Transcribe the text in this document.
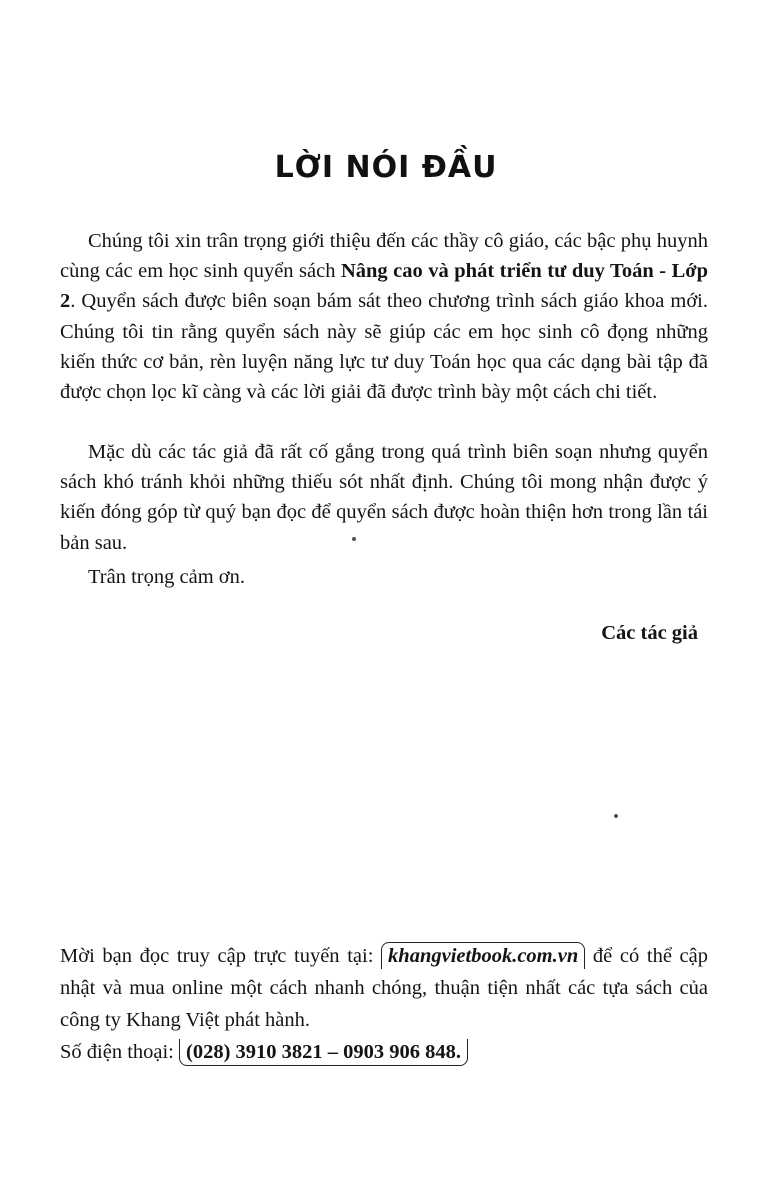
LỜI NÓI ĐẦU

Chúng tôi xin trân trọng giới thiệu đến các thầy cô giáo, các bậc phụ huynh cùng các em học sinh quyển sách Nâng cao và phát triển tư duy Toán - Lớp 2. Quyển sách được biên soạn bám sát theo chương trình sách giáo khoa mới. Chúng tôi tin rằng quyển sách này sẽ giúp các em học sinh cô đọng những kiến thức cơ bản, rèn luyện năng lực tư duy Toán học qua các dạng bài tập đã được chọn lọc kĩ càng và các lời giải đã được trình bày một cách chi tiết.

Mặc dù các tác giả đã rất cố gắng trong quá trình biên soạn nhưng quyển sách khó tránh khỏi những thiếu sót nhất định. Chúng tôi mong nhận được ý kiến đóng góp từ quý bạn đọc để quyển sách được hoàn thiện hơn trong lần tái bản sau.

Trân trọng cảm ơn.

Các tác giả

Mời bạn đọc truy cập trực tuyến tại: khangvietbook.com.vn để có thể cập nhật và mua online một cách nhanh chóng, thuận tiện nhất các tựa sách của công ty Khang Việt phát hành.

Số điện thoại: (028) 3910 3821 – 0903 906 848.
